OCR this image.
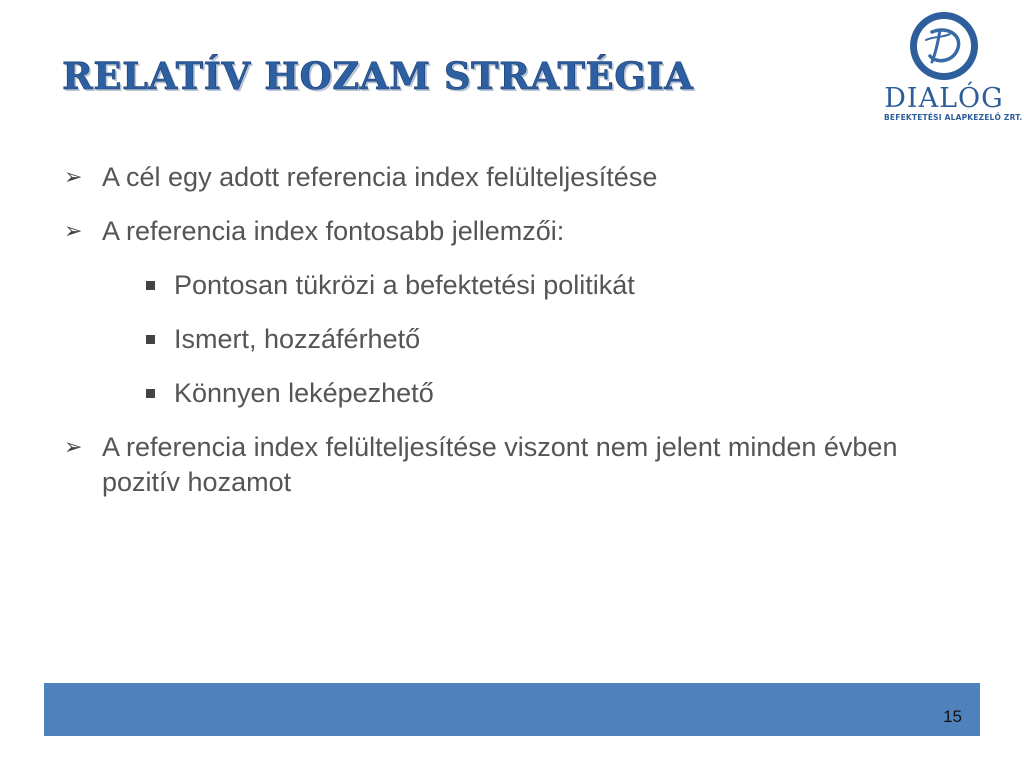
RELATÍV HOZAM STRATÉGIA
DIALÓG
BEFEKTETÉSI ALAPKEZELŐ ZRT.
➢ A cél egy adott referencia index felülteljesítése
➢ A referencia index fontosabb jellemzői:
Pontosan tükrözi a befektetési politikát
Ismert, hozzáférhető
Könnyen leképezhető
➢ A referencia index felülteljesítése viszont nem jelent minden évben pozitív hozamot
15
